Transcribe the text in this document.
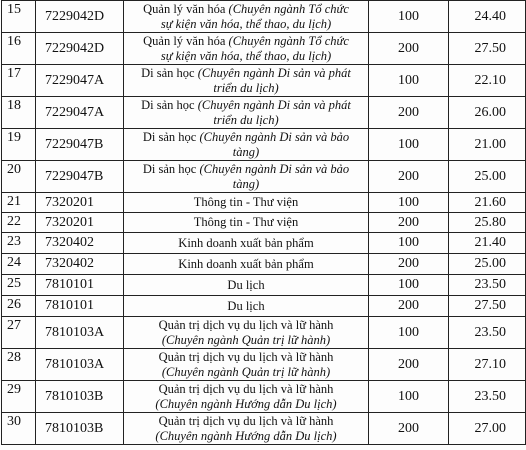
15	7229042D	Quản lý văn hóa (Chuyên ngành Tổ chức
sự kiện văn hóa, thể thao, du lịch)	100	24.40
16	7229042D	Quản lý văn hóa (Chuyên ngành Tổ chức
sự kiện văn hóa, thể thao, du lịch)	200	27.50
17	7229047A	Di sản học (Chuyên ngành Di sản và phát
triển du lịch)	100	22.10
18	7229047A	Di sản học (Chuyên ngành Di sản và phát
triển du lịch)	200	26.00
19	7229047B	Di sản học (Chuyên ngành Di sản và bảo
tàng)	100	21.00
20	7229047B	Di sản học (Chuyên ngành Di sản và bảo
tàng)	200	25.00
21	7320201	Thông tin - Thư viện	100	21.60
22	7320201	Thông tin - Thư viện	200	25.80
23	7320402	Kinh doanh xuất bản phẩm	100	21.40
24	7320402	Kinh doanh xuất bản phẩm	200	25.00
25	7810101	Du lịch	100	23.50
26	7810101	Du lịch	200	27.50
27	7810103A	Quản trị dịch vụ du lịch và lữ hành
(Chuyên ngành Quản trị lữ hành)	100	23.50
28	7810103A	Quản trị dịch vụ du lịch và lữ hành
(Chuyên ngành Quản trị lữ hành)	200	27.10
29	7810103B	Quản trị dịch vụ du lịch và lữ hành
(Chuyên ngành Hướng dẫn Du lịch)	100	23.50
30	7810103B	Quản trị dịch vụ du lịch và lữ hành
(Chuyên ngành Hướng dẫn Du lịch)	200	27.00
